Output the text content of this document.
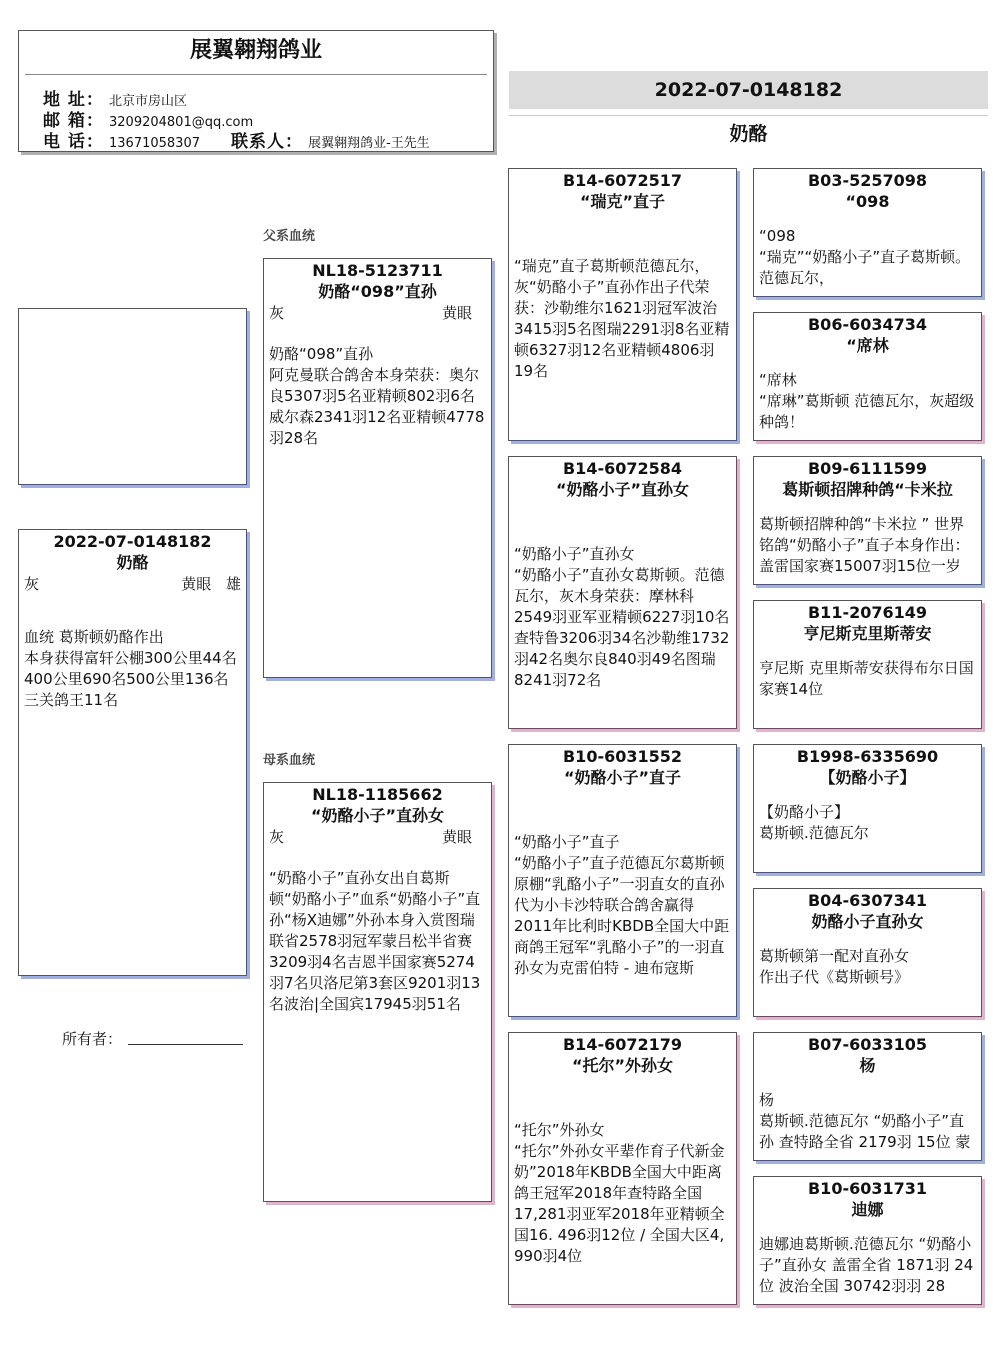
展翼翱翔鸽业
地 址： 北京市房山区
邮 箱： 3209204801@qq.com
电 话： 13671058307 联系人： 展翼翱翔鸽业-王先生
2022-07-0148182
奶酪
2022-07-0148182
奶酪
灰	黄眼 雄
血统 葛斯顿奶酪作出
本身获得富轩公棚300公里44名400公里690名500公里136名三关鸽王11名
所有者：
父系血统
母系血统
NL18-5123711
奶酪“098”直孙
灰	黄眼
奶酪“098”直孙
阿克曼联合鸽舍本身荣获：奥尔良5307羽5名亚精顿802羽6名威尔森2341羽12名亚精顿4778羽28名
NL18-1185662
“奶酪小子”直孙女
灰	黄眼
“奶酪小子”直孙女出自葛斯顿“奶酪小子”血系“奶酪小子”直孙“杨X迪娜”外孙本身入赏图瑞联省2578羽冠军蒙吕松半省赛3209羽4名吉恩半国家赛5274羽7名贝洛尼第3套区9201羽13名波治|全国宾17945羽51名
B14-6072517
“瑞克”直子
“瑞克”直子葛斯顿范德瓦尔，灰“奶酪小子”直孙作出子代荣获：沙勒维尔1621羽冠军波治3415羽5名图瑞2291羽8名亚精顿6327羽12名亚精顿4806羽19名
B14-6072584
“奶酪小子”直孙女
“奶酪小子”直孙女
“奶酪小子”直孙女葛斯顿。范德瓦尔，灰木身荣获：摩林科2549羽亚军亚精顿6227羽10名查特鲁3206羽34名沙勒维1732羽42名奥尔良840羽49名图瑞8241羽72名
B10-6031552
“奶酪小子”直子
“奶酪小子”直子
“奶酪小子”直子范德瓦尔葛斯顿原棚“乳酪小子”一羽直女的直孙代为小卡沙特联合鸽舍赢得2011年比利时KBDB全国大中距商鸽王冠军“乳酪小子”的一羽直孙女为克雷伯特 - 迪布寇斯
B14-6072179
“托尔”外孙女
“托尔”外孙女
“托尔”外孙女平辈作育子代新金奶”2018年KBDB全国大中距离鸽王冠军2018年查特路全国17,281羽亚军2018年亚精顿全国16. 496羽12位 / 全国大区4, 990羽4位
B03-5257098
“098
“098
“瑞克”“奶酪小子”直子葛斯顿。范德瓦尔，
B06-6034734
“席林
“席林
“席琳”葛斯顿 范德瓦尔，灰超级种鸽！
B09-6111599
葛斯顿招牌种鸽“卡米拉
葛斯顿招牌种鸽“卡米拉 ” 世界铭鸽“奶酪小子”直子本身作出：盖雷国家赛15007羽15位一岁
B11-2076149
亨尼斯克里斯蒂安
亨尼斯 克里斯蒂安获得布尔日国家赛14位
B1998-6335690
【奶酪小子】
【奶酪小子】
葛斯顿.范德瓦尔
B04-6307341
奶酪小子直孙女
葛斯顿第一配对直孙女
作出子代《葛斯顿号》
B07-6033105
杨
杨
葛斯顿.范德瓦尔 “奶酪小子”直孙 查特路全省 2179羽 15位 蒙
B10-6031731
迪娜
迪娜迪葛斯顿.范德瓦尔 “奶酪小子”直孙女 盖雷全省 1871羽 24位 波治全国 30742羽羽 28
